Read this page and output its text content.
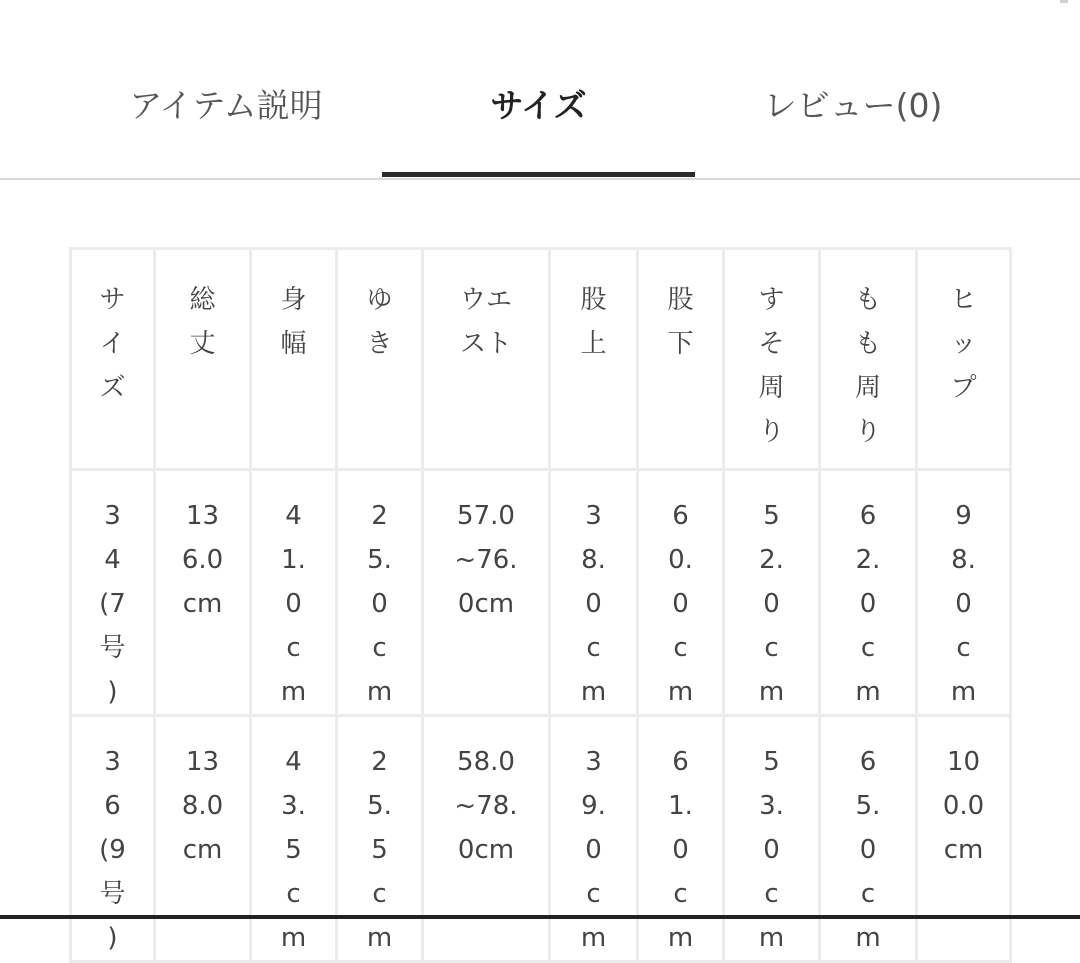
アイテム説明	サイズ	レビュー(0)
サイズ	総丈	身幅	ゆき	ウエスト	股上	股下	すそ周り	もも周り	ヒップ

34(7号)	136.0cm	41.0cm	25.0cm	57.0~76.0cm	38.0cm	60.0cm	52.0cm	62.0cm	98.0cm

36(9号)	138.0cm	43.5cm	25.5cm	58.0~78.0cm	39.0cm	61.0cm	53.0cm	65.0cm	100.0cm
